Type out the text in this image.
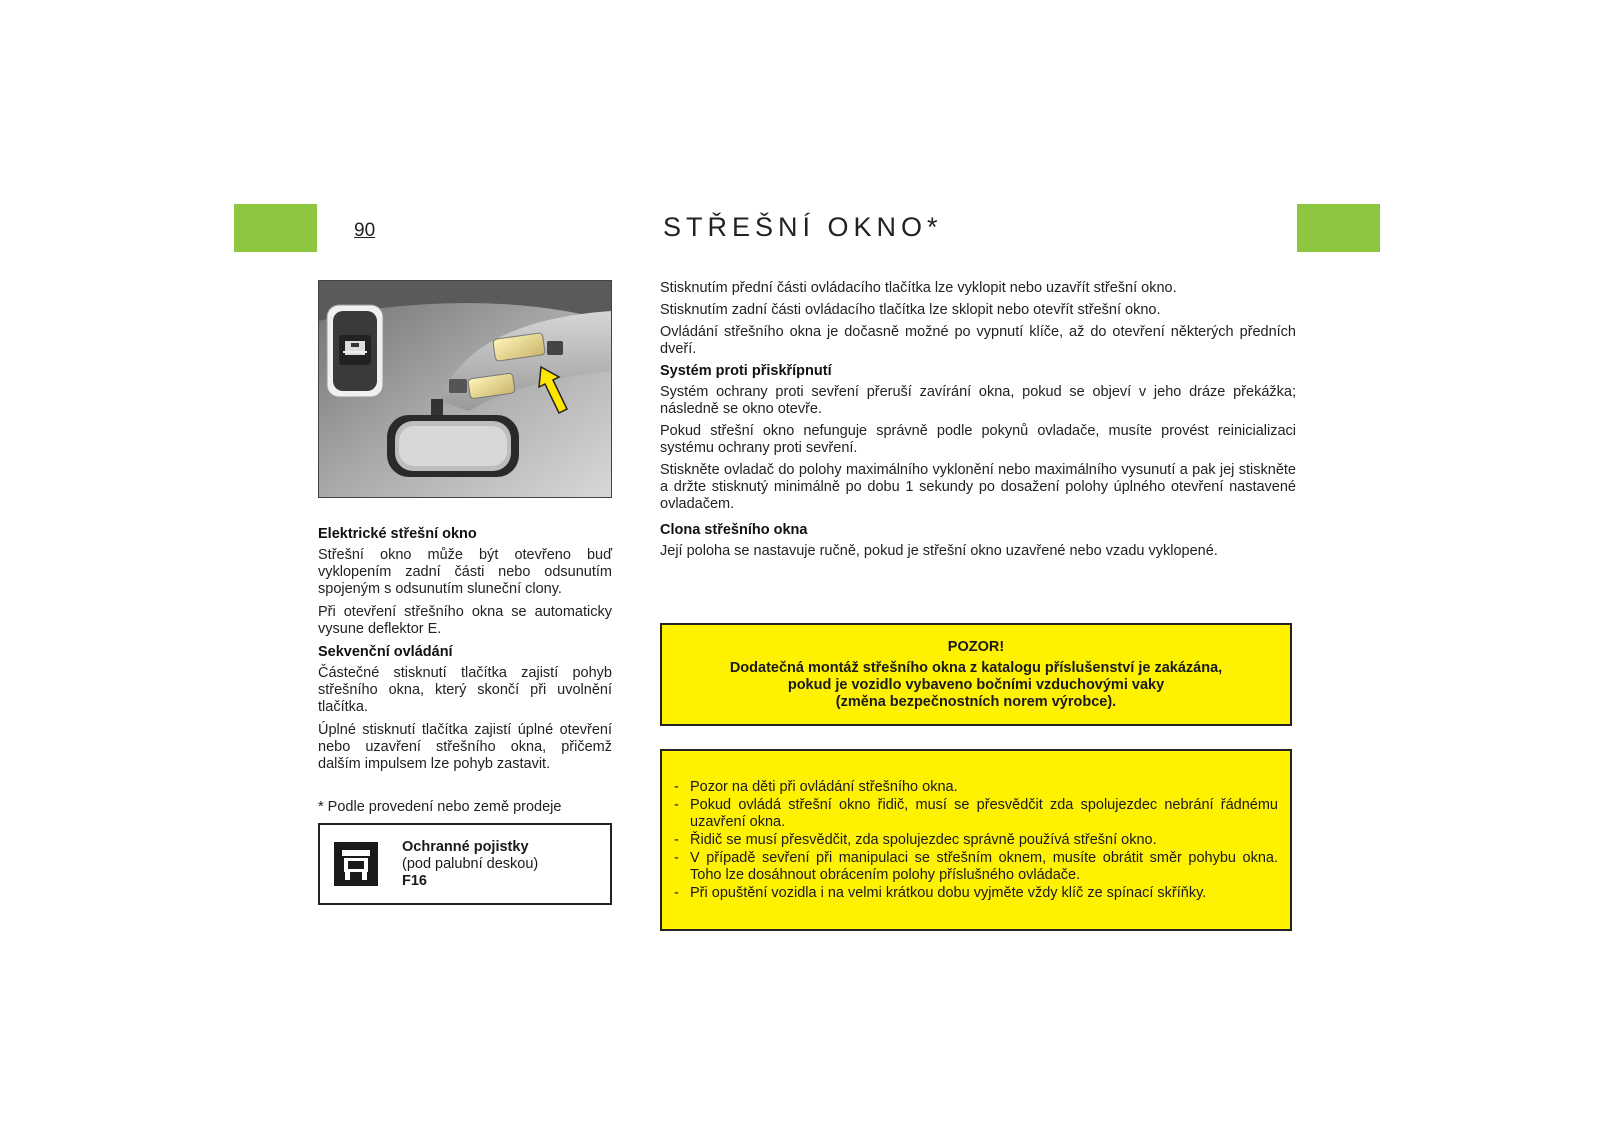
90	STŘEŠNÍ OKNO*

Elektrické střešní okno

Střešní okno může být otevřeno buď vyklopením zadní části nebo odsunutím spojeným s odsunutím sluneční clony.

Při otevření střešního okna se automaticky vysune deflektor E.

Sekvenční ovládání

Částečné stisknutí tlačítka zajistí pohyb střešního okna, který skončí při uvolnění tlačítka.

Úplné stisknutí tlačítka zajistí úplné otevření nebo uzavření střešního okna, přičemž dalším impulsem lze pohyb zastavit.

* Podle provedení nebo země prodeje
Ochranné pojistky
(pod palubní deskou)
F16

Stisknutím přední části ovládacího tlačítka lze vyklopit nebo uzavřít střešní okno.

Stisknutím zadní části ovládacího tlačítka lze sklopit nebo otevřít střešní okno.

Ovládání střešního okna je dočasně možné po vypnutí klíče, až do otevření některých předních dveří.

Systém proti přiskřípnutí

Systém ochrany proti sevření přeruší zavírání okna, pokud se objeví v jeho dráze překážka; následně se okno otevře.

Pokud střešní okno nefunguje správně podle pokynů ovladače, musíte provést reinicializaci systému ochrany proti sevření.

Stiskněte ovladač do polohy maximálního vyklonění nebo maximálního vysunutí a pak jej stiskněte a držte stisknutý minimálně po dobu 1 sekundy po dosažení polohy úplného otevření nastavené ovladačem.

Clona střešního okna

Její poloha se nastavuje ručně, pokud je střešní okno uzavřené nebo vzadu vyklopené.

POZOR!
Dodatečná montáž střešního okna z katalogu příslušenství je zakázána,
pokud je vozidlo vybaveno bočními vzduchovými vaky
(změna bezpečnostních norem výrobce).
- Pozor na děti při ovládání střešního okna.
- Pokud ovládá střešní okno řidič, musí se přesvědčit zda spolujezdec nebrání řádnému uzavření okna.
- Řidič se musí přesvědčit, zda spolujezdec správně používá střešní okno.
- V případě sevření při manipulaci se střešním oknem, musíte obrátit směr pohybu okna. Toho lze dosáhnout obrácením polohy příslušného ovládače.
- Při opuštění vozidla i na velmi krátkou dobu vyjměte vždy klíč ze spínací skříňky.
